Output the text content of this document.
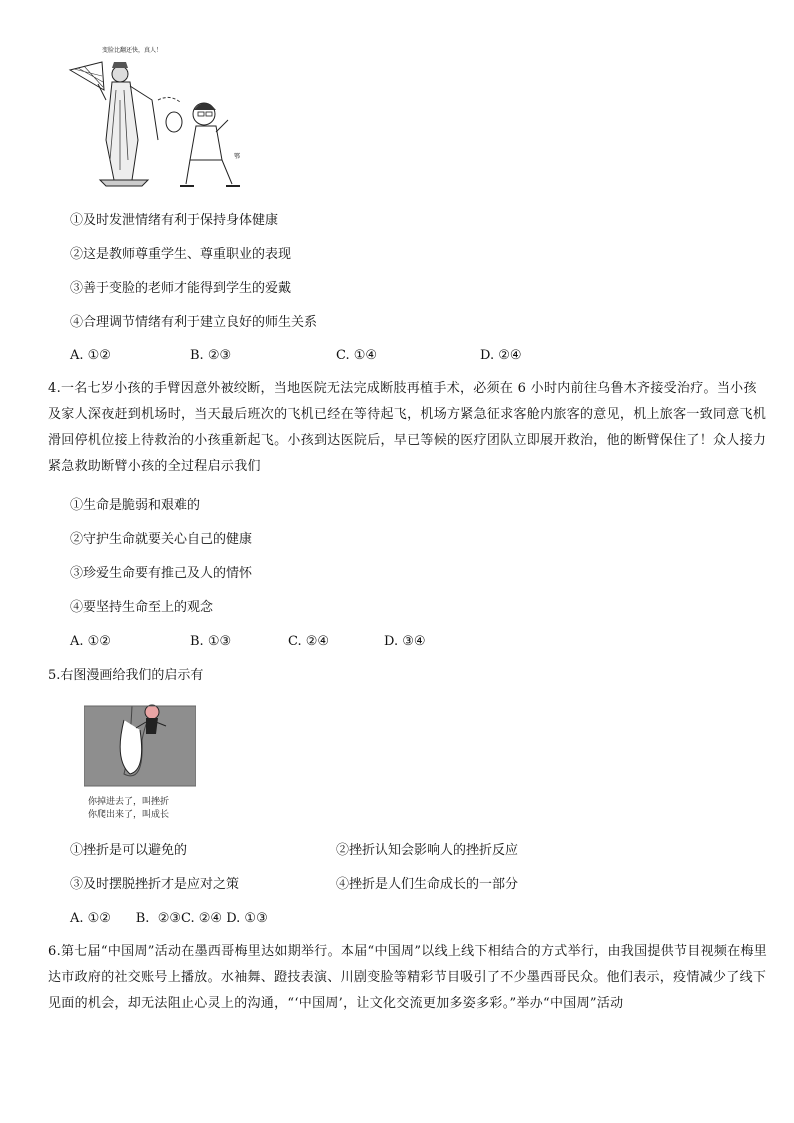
变脸比翻还快，真人！
鄂
①及时发泄情绪有利于保持身体健康
②这是教师尊重学生、尊重职业的表现
③善于变脸的老师才能得到学生的爱戴
④合理调节情绪有利于建立良好的师生关系
A. ①②	B. ②③	C. ①④	D. ②④
4.一名七岁小孩的手臂因意外被绞断，当地医院无法完成断肢再植手术，必须在 6 小时内前往乌鲁木齐接受治疗。当小孩及家人深夜赶到机场时，当天最后班次的飞机已经在等待起飞，机场方紧急征求客舱内旅客的意见，机上旅客一致同意飞机滑回停机位接上待救治的小孩重新起飞。小孩到达医院后，早已等候的医疗团队立即展开救治，他的断臂保住了！众人接力紧急救助断臂小孩的全过程启示我们
①生命是脆弱和艰难的
②守护生命就要关心自己的健康
③珍爱生命要有推己及人的情怀
④要坚持生命至上的观念
A. ①②	B. ①③	C. ②④	D. ③④
5.右图漫画给我们的启示有
你掉进去了，叫挫折
你爬出来了，叫成长
①挫折是可以避免的	②挫折认知会影响人的挫折反应
③及时摆脱挫折才是应对之策	④挫折是人们生命成长的一部分
A. ①②      B.  ②③C. ②④ D. ①③
6.第七届“中国周”活动在墨西哥梅里达如期举行。本届“中国周”以线上线下相结合的方式举行，由我国提供节目视频在梅里达市政府的社交账号上播放。水袖舞、蹬技表演、川剧变脸等精彩节目吸引了不少墨西哥民众。他们表示，疫情减少了线下见面的机会，却无法阻止心灵上的沟通，“‘中国周’，让文化交流更加多姿多彩。”举办“中国周”活动
